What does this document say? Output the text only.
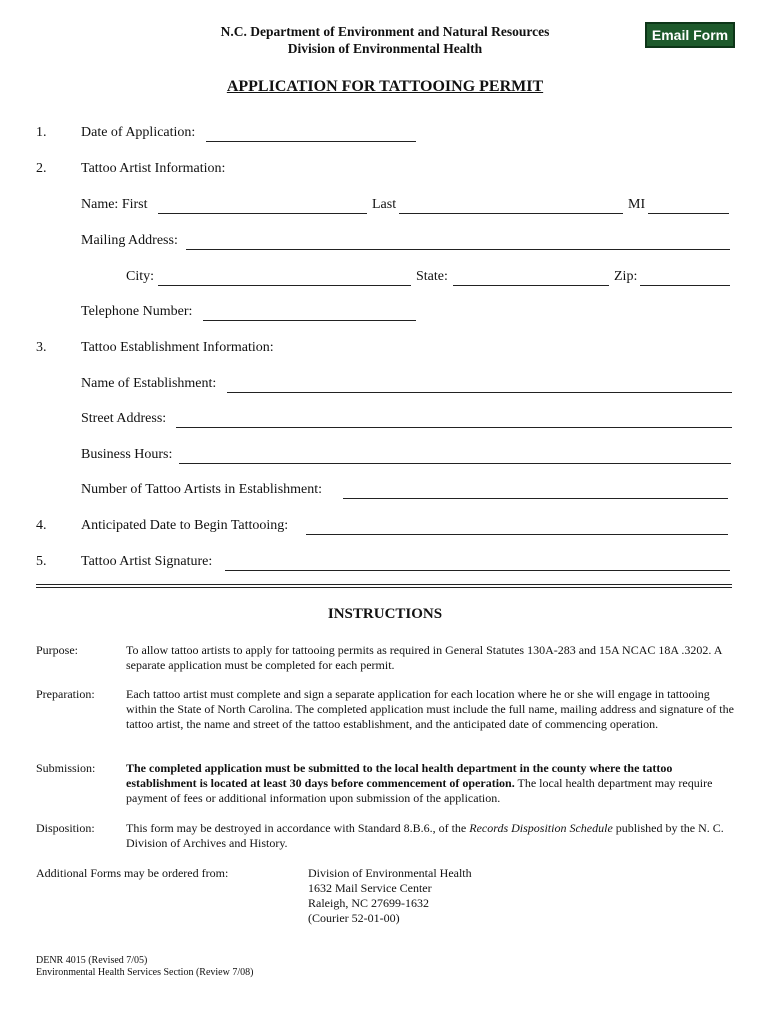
N.C. Department of Environment and Natural Resources
Division of Environmental Health
Email Form
APPLICATION FOR TATTOOING PERMIT
1. Date of Application:
2. Tattoo Artist Information:
Name: First	Last	MI
Mailing Address:
City:	State:	Zip:
Telephone Number:
3. Tattoo Establishment Information:
Name of Establishment:
Street Address:
Business Hours:
Number of Tattoo Artists in Establishment:
4. Anticipated Date to Begin Tattooing:
5. Tattoo Artist Signature:
INSTRUCTIONS
Purpose:	To allow tattoo artists to apply for tattooing permits as required in General Statutes 130A-283 and 15A NCAC 18A .3202. A separate application must be completed for each permit.
Preparation:	Each tattoo artist must complete and sign a separate application for each location where he or she will engage in tattooing within the State of North Carolina. The completed application must include the full name, mailing address and signature of the tattoo artist, the name and street of the tattoo establishment, and the anticipated date of commencing operation.
Submission:	The completed application must be submitted to the local health department in the county where the tattoo establishment is located at least 30 days before commencement of operation. The local health department may require payment of fees or additional information upon submission of the application.
Disposition:	This form may be destroyed in accordance with Standard 8.B.6., of the Records Disposition Schedule published by the N. C. Division of Archives and History.
Additional Forms may be ordered from:	Division of Environmental Health
1632 Mail Service Center
Raleigh, NC 27699-1632
(Courier 52-01-00)
DENR 4015 (Revised 7/05)
Environmental Health Services Section (Review 7/08)
